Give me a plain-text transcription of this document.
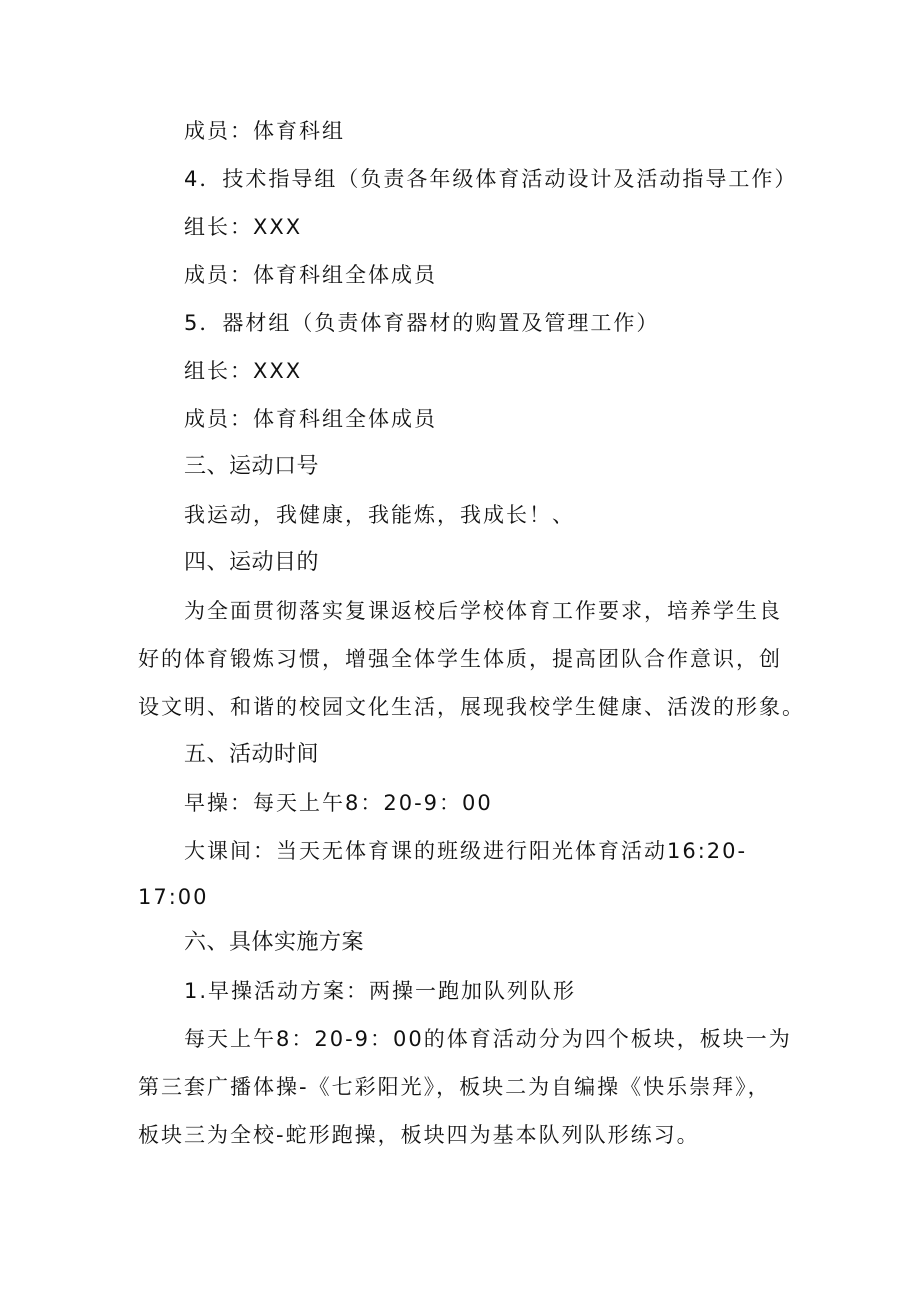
成员：体育科组
4．技术指导组（负责各年级体育活动设计及活动指导工作）
组长：XXX
成员：体育科组全体成员
5．器材组（负责体育器材的购置及管理工作）
组长：XXX
成员：体育科组全体成员
三、运动口号
我运动，我健康，我能炼，我成长！、
四、运动目的
为全面贯彻落实复课返校后学校体育工作要求，培养学生良
好的体育锻炼习惯，增强全体学生体质，提高团队合作意识，创
设文明、和谐的校园文化生活，展现我校学生健康、活泼的形象。
五、活动时间
早操：每天上午8：20-9：00
大课间：当天无体育课的班级进行阳光体育活动16:20-
17:00
六、具体实施方案
1.早操活动方案：两操一跑加队列队形
每天上午8：20-9：00的体育活动分为四个板块，板块一为
第三套广播体操-《七彩阳光》，板块二为自编操《快乐崇拜》，
板块三为全校-蛇形跑操，板块四为基本队列队形练习。
